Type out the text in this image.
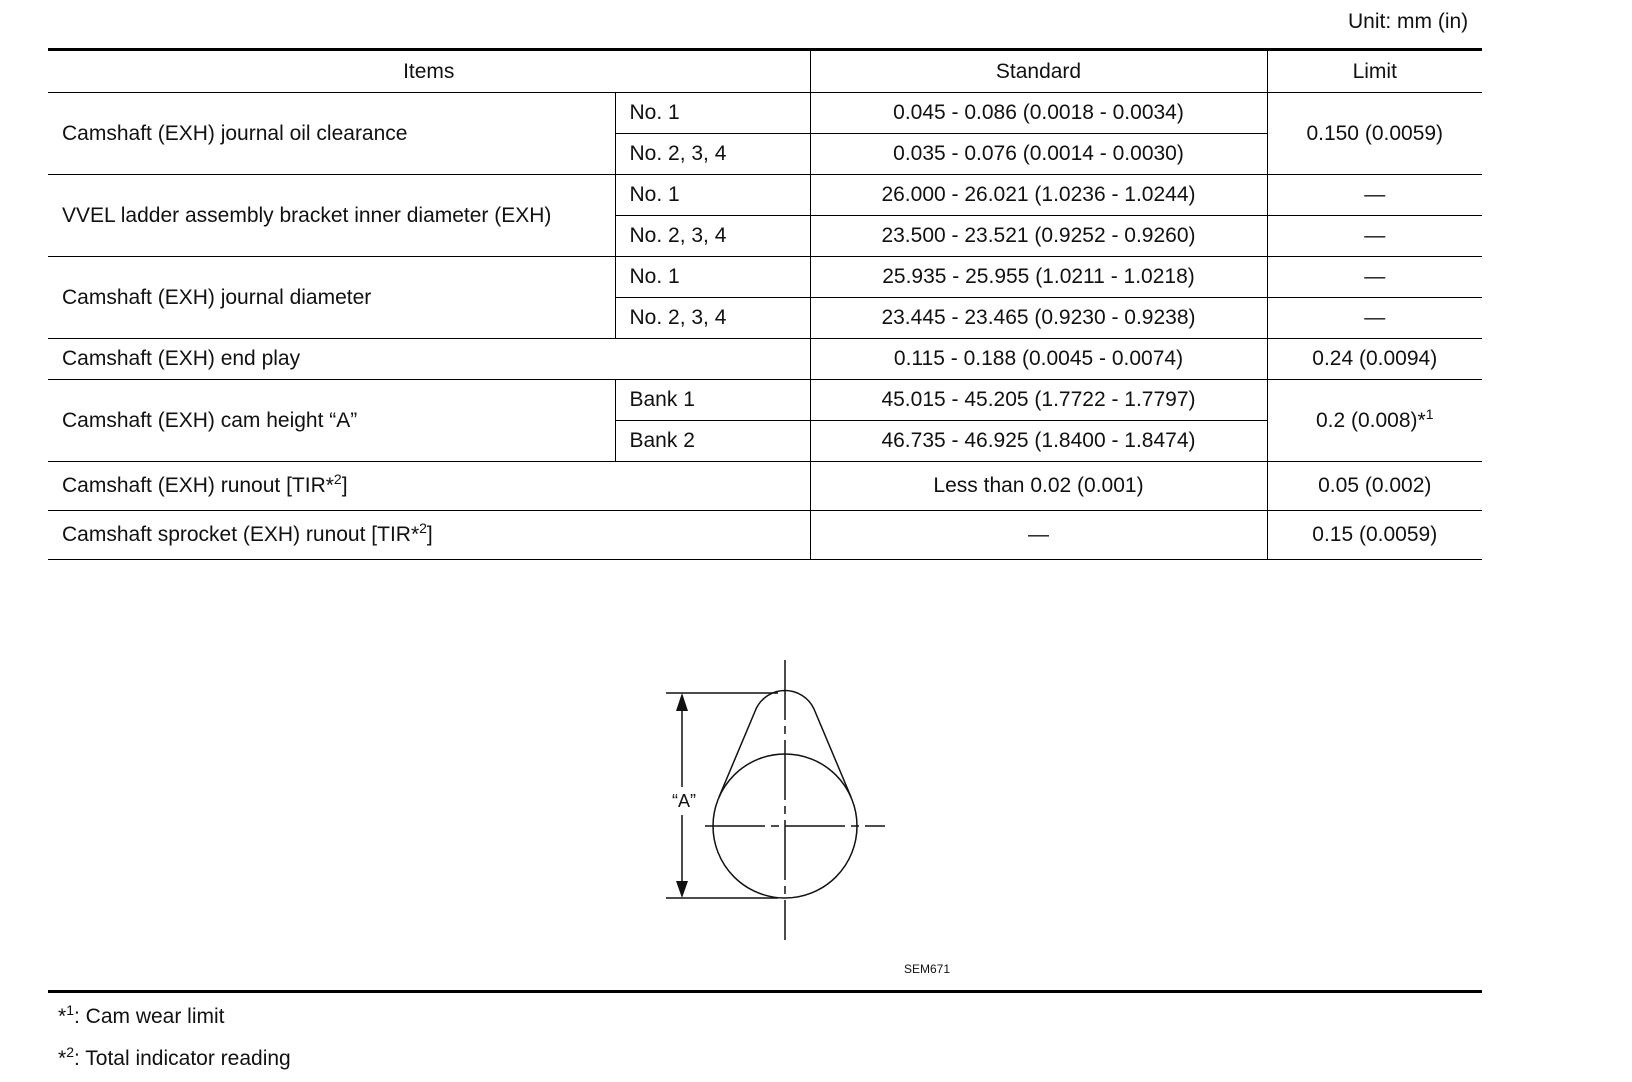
Unit: mm (in)
Items		Standard	Limit
Camshaft (EXH) journal oil clearance	No. 1	0.045 - 0.086 (0.0018 - 0.0034)	0.150 (0.0059)
	No. 2, 3, 4	0.035 - 0.076 (0.0014 - 0.0030)	
VVEL ladder assembly bracket inner diameter (EXH)	No. 1	26.000 - 26.021 (1.0236 - 1.0244)	—
	No. 2, 3, 4	23.500 - 23.521 (0.9252 - 0.9260)	—
Camshaft (EXH) journal diameter	No. 1	25.935 - 25.955 (1.0211 - 1.0218)	—
	No. 2, 3, 4	23.445 - 23.465 (0.9230 - 0.9238)	—
Camshaft (EXH) end play		0.115 - 0.188 (0.0045 - 0.0074)	0.24 (0.0094)
Camshaft (EXH) cam height “A”	Bank 1	45.015 - 45.205 (1.7722 - 1.7797)	0.2 (0.008)*$^1$
	Bank 2	46.735 - 46.925 (1.8400 - 1.8474)	
Camshaft (EXH) runout [TIR*$^2$]		Less than 0.02 (0.001)	0.05 (0.002)
Camshaft sprocket (EXH) runout [TIR*$^2$]		—	0.15 (0.0059)
“A”
SEM671
*$^1$: Cam wear limit
*$^2$: Total indicator reading
